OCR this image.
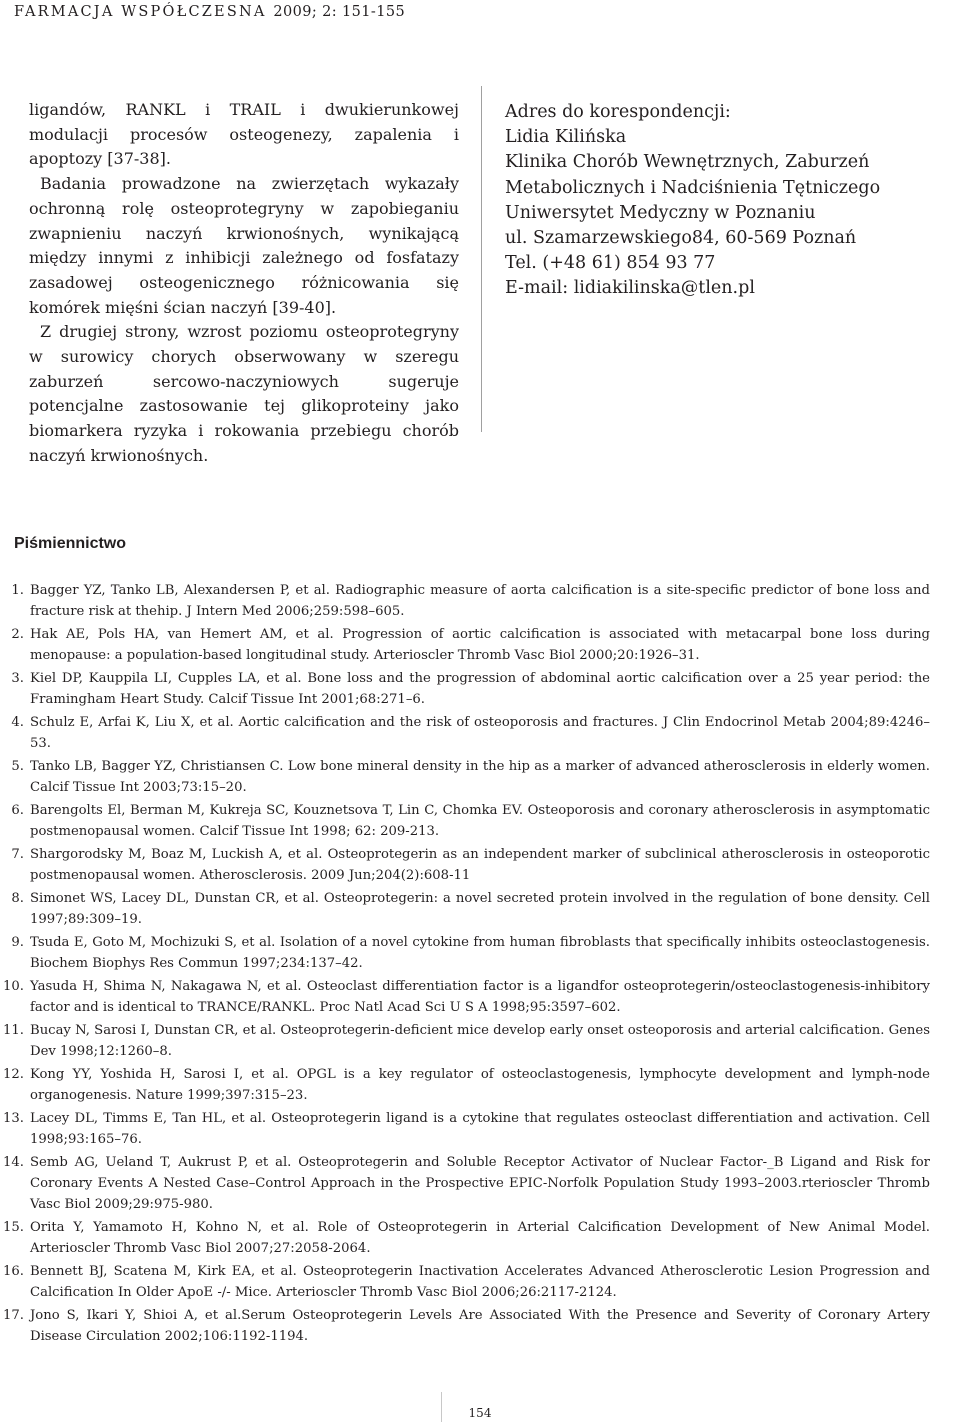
FARMACJA WSPÓŁCZESNA 2009; 2: 151-155

ligandów, RANKL i TRAIL i dwukierunkowej modulacji procesów osteogenezy, zapalenia i apoptozy [37-38].

Badania prowadzone na zwierzętach wykazały ochronną rolę osteoprotegryny w zapobieganiu zwapnieniu naczyń krwionośnych, wynikającą między innymi z inhibicji zależnego od fosfatazy zasadowej osteogenicznego różnicowania się komórek mięśni ścian naczyń [39-40].

Z drugiej strony, wzrost poziomu osteoprotegryny w surowicy chorych obserwowany w szeregu zaburzeń sercowo-naczyniowych sugeruje potencjalne zastosowanie tej glikoproteiny jako biomarkera ryzyka i rokowania przebiegu chorób naczyń krwionośnych.

Adres do korespondencji:
Lidia Kilińska
Klinika Chorób Wewnętrznych, Zaburzeń
Metabolicznych i Nadciśnienia Tętniczego
Uniwersytet Medyczny w Poznaniu
ul. Szamarzewskiego84, 60-569 Poznań
Tel. (+48 61) 854 93 77
E-mail: lidiakilinska@tlen.pl
Piśmiennictwo
1. Bagger YZ, Tanko LB, Alexandersen P, et al. Radiographic measure of aorta calcification is a site-specific predictor of bone loss and fracture risk at thehip. J Intern Med 2006;259:598–605.
2. Hak AE, Pols HA, van Hemert AM, et al. Progression of aortic calcification is associated with metacarpal bone loss during menopause: a population-based longitudinal study. Arterioscler Thromb Vasc Biol 2000;20:1926–31.
3. Kiel DP, Kauppila LI, Cupples LA, et al. Bone loss and the progression of abdominal aortic calcification over a 25 year period: the Framingham Heart Study. Calcif Tissue Int 2001;68:271–6.
4. Schulz E, Arfai K, Liu X, et al. Aortic calcification and the risk of osteoporosis and fractures. J Clin Endocrinol Metab 2004;89:4246–53.
5. Tanko LB, Bagger YZ, Christiansen C. Low bone mineral density in the hip as a marker of advanced atherosclerosis in elderly women. Calcif Tissue Int 2003;73:15–20.
6. Barengolts El, Berman M, Kukreja SC, Kouznetsova T, Lin C, Chomka EV. Osteoporosis and coronary atherosclerosis in asymptomatic postmenopausal women. Calcif Tissue Int 1998; 62: 209-213.
7. Shargorodsky M, Boaz M, Luckish A, et al. Osteoprotegerin as an independent marker of subclinical atherosclerosis in osteoporotic postmenopausal women. Atherosclerosis. 2009 Jun;204(2):608-11
8. Simonet WS, Lacey DL, Dunstan CR, et al. Osteoprotegerin: a novel secreted protein involved in the regulation of bone density. Cell 1997;89:309–19.
9. Tsuda E, Goto M, Mochizuki S, et al. Isolation of a novel cytokine from human fibroblasts that specifically inhibits osteoclastogenesis. Biochem Biophys Res Commun 1997;234:137–42.
10. Yasuda H, Shima N, Nakagawa N, et al. Osteoclast differentiation factor is a ligandfor osteoprotegerin/osteoclastogenesis-inhibitory factor and is identical to TRANCE/RANKL. Proc Natl Acad Sci U S A 1998;95:3597–602.
11. Bucay N, Sarosi I, Dunstan CR, et al. Osteoprotegerin-deficient mice develop early onset osteoporosis and arterial calcification. Genes Dev 1998;12:1260–8.
12. Kong YY, Yoshida H, Sarosi I, et al. OPGL is a key regulator of osteoclastogenesis, lymphocyte development and lymph-node organogenesis. Nature 1999;397:315–23.
13. Lacey DL, Timms E, Tan HL, et al. Osteoprotegerin ligand is a cytokine that regulates osteoclast differentiation and activation. Cell 1998;93:165–76.
14. Semb AG, Ueland T, Aukrust P, et al. Osteoprotegerin and Soluble Receptor Activator of Nuclear Factor-_B Ligand and Risk for Coronary Events A Nested Case–Control Approach in the Prospective EPIC-Norfolk Population Study 1993–2003.rterioscler Thromb Vasc Biol 2009;29:975-980.
15. Orita Y, Yamamoto H, Kohno N, et al. Role of Osteoprotegerin in Arterial Calcification Development of New Animal Model. Arterioscler Thromb Vasc Biol 2007;27:2058-2064.
16. Bennett BJ, Scatena M, Kirk EA, et al. Osteoprotegerin Inactivation Accelerates Advanced Atherosclerotic Lesion Progression and Calcification In Older ApoE -/- Mice. Arterioscler Thromb Vasc Biol 2006;26:2117-2124.
17. Jono S, Ikari Y, Shioi A, et al.Serum Osteoprotegerin Levels Are Associated With the Presence and Severity of Coronary Artery Disease Circulation 2002;106:1192-1194.
154
